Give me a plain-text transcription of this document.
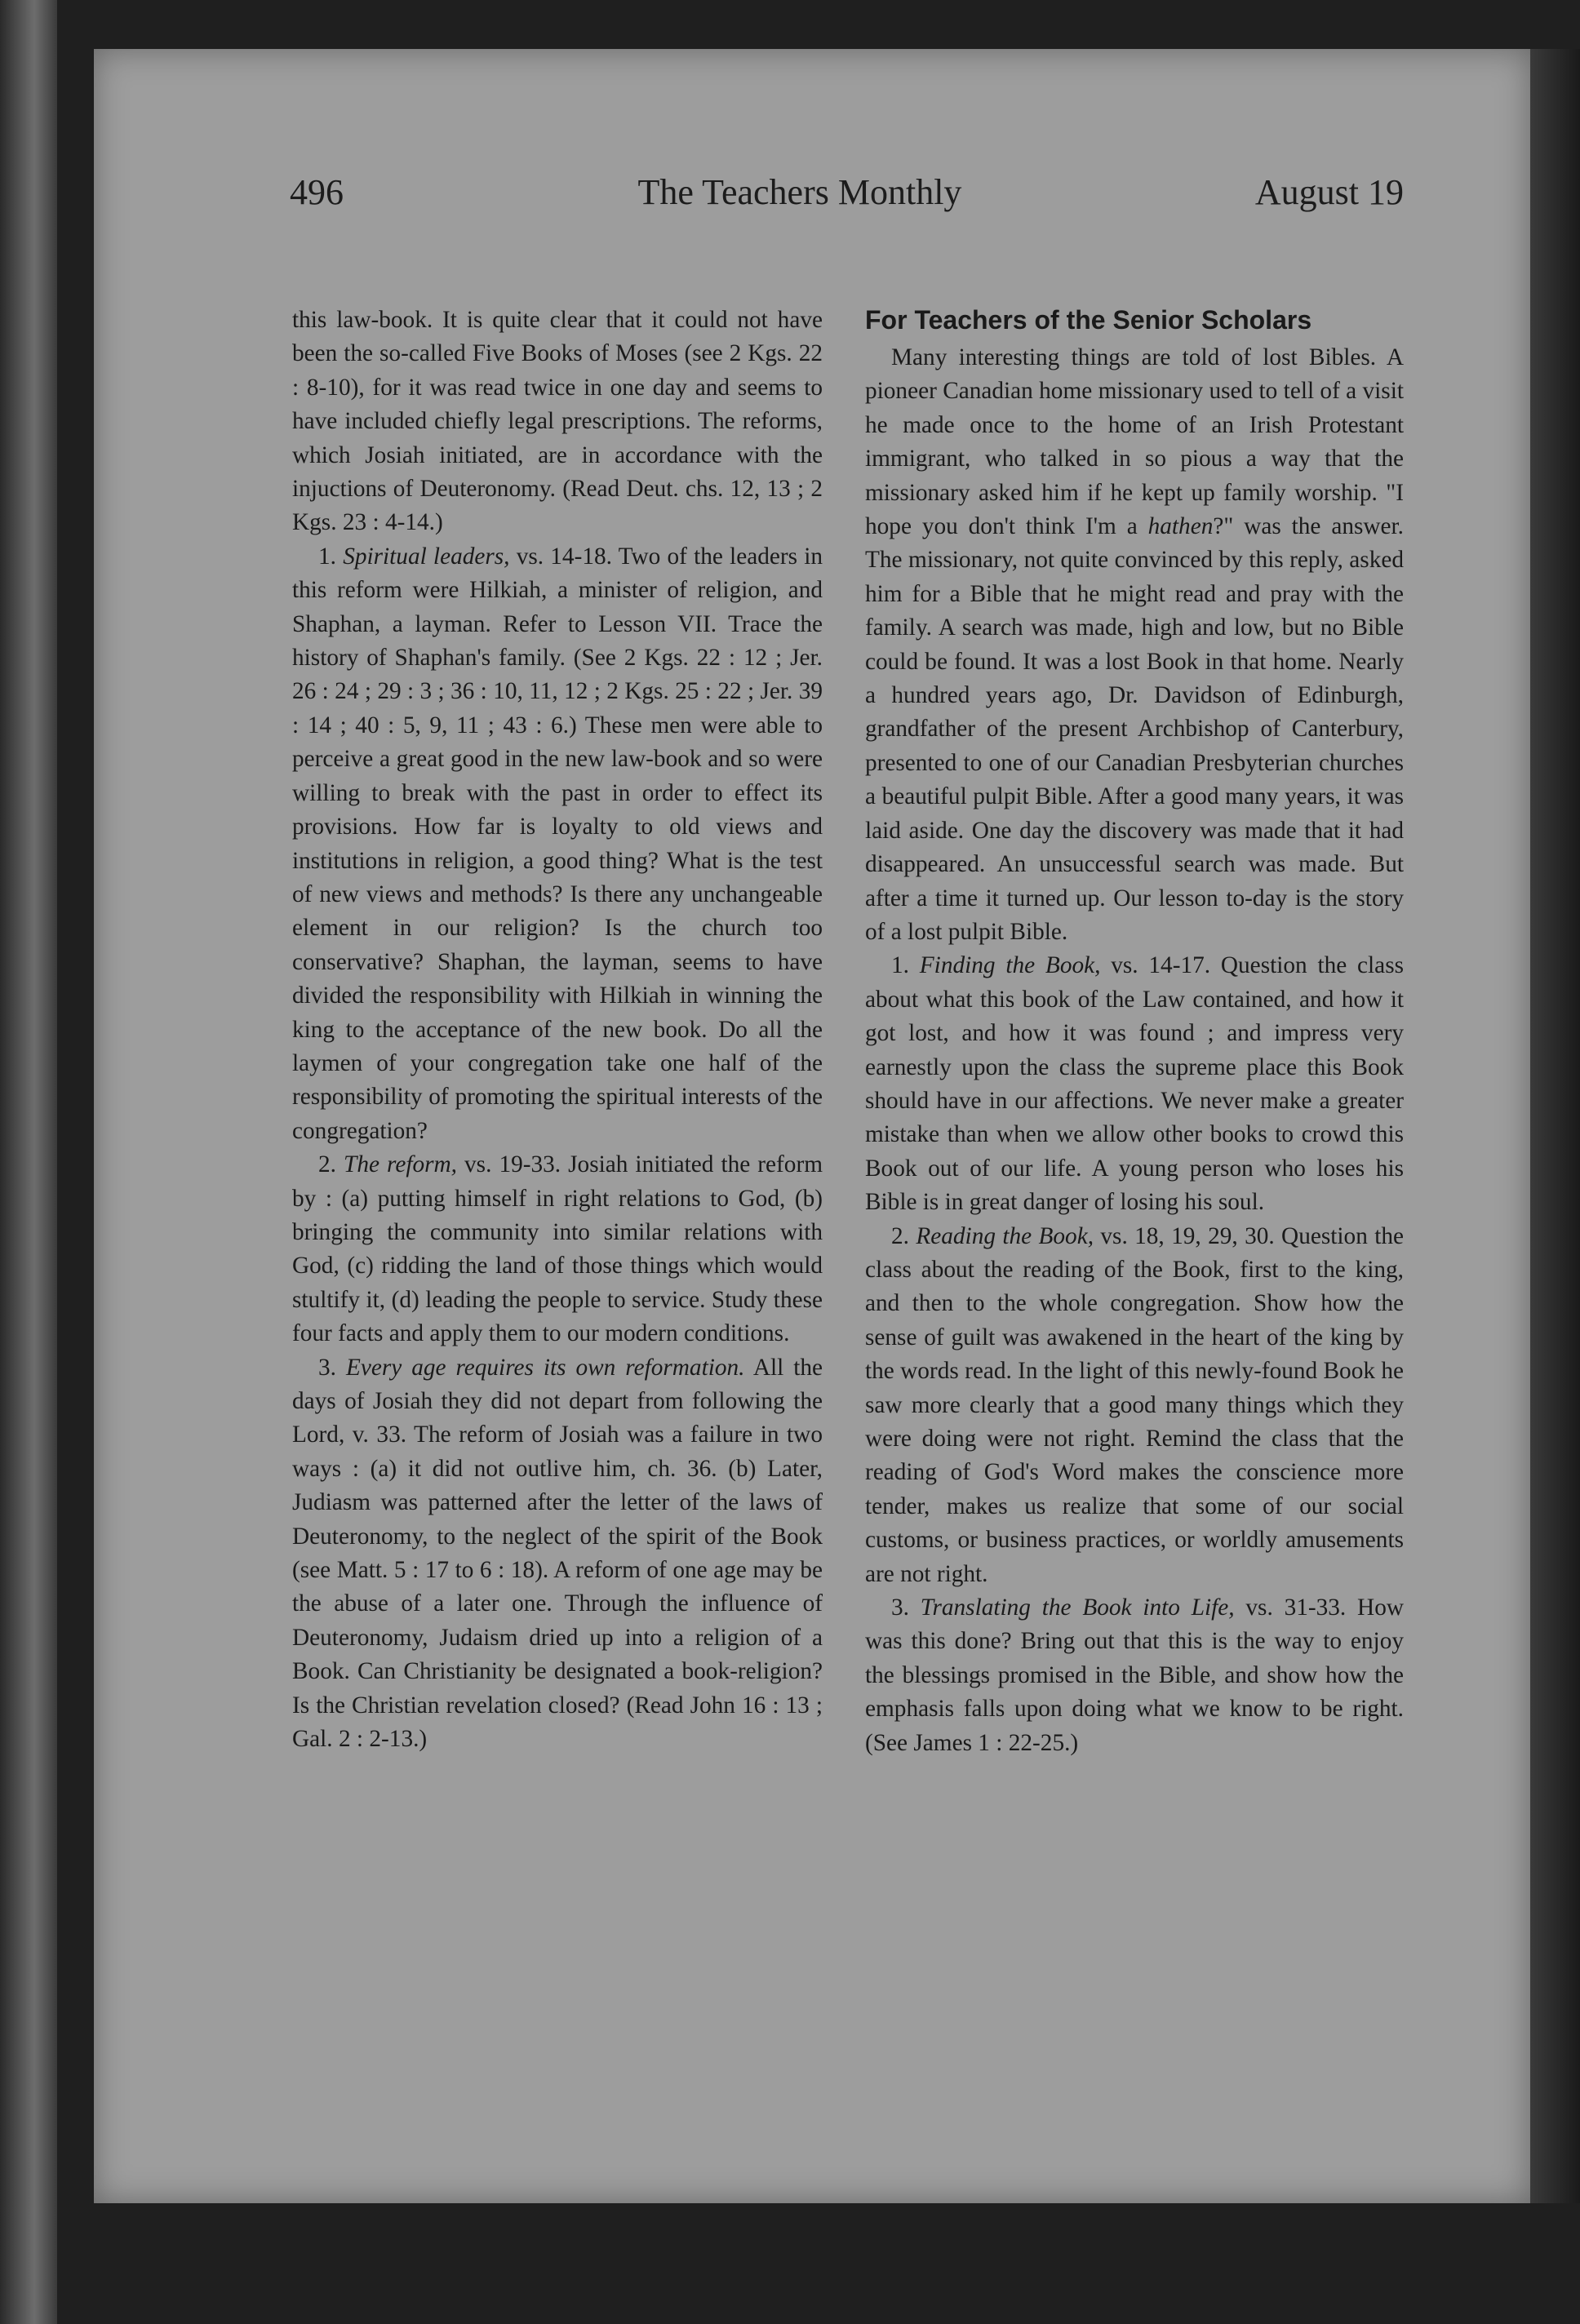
496	The Teachers Monthly	August 19

this law-book. It is quite clear that it could not have been the so-called Five Books of Moses (see 2 Kgs. 22 : 8-10), for it was read twice in one day and seems to have included chiefly legal prescriptions. The reforms, which Josiah initiated, are in accordance with the injuctions of Deuteronomy. (Read Deut. chs. 12, 13 ; 2 Kgs. 23 : 4-14.)

1. Spiritual leaders, vs. 14-18. Two of the leaders in this reform were Hilkiah, a minister of religion, and Shaphan, a layman. Refer to Lesson VII. Trace the history of Shaphan's family. (See 2 Kgs. 22 : 12 ; Jer. 26 : 24 ; 29 : 3 ; 36 : 10, 11, 12 ; 2 Kgs. 25 : 22 ; Jer. 39 : 14 ; 40 : 5, 9, 11 ; 43 : 6.) These men were able to perceive a great good in the new law-book and so were willing to break with the past in order to effect its provisions. How far is loyalty to old views and institutions in religion, a good thing? What is the test of new views and methods? Is there any unchangeable element in our religion? Is the church too conservative? Shaphan, the layman, seems to have divided the responsibility with Hilkiah in winning the king to the acceptance of the new book. Do all the laymen of your congregation take one half of the responsibility of promoting the spiritual interests of the congregation?

2. The reform, vs. 19-33. Josiah initiated the reform by : (a) putting himself in right relations to God, (b) bringing the community into similar relations with God, (c) ridding the land of those things which would stultify it, (d) leading the people to service. Study these four facts and apply them to our modern conditions.

3. Every age requires its own reformation. All the days of Josiah they did not depart from following the Lord, v. 33. The reform of Josiah was a failure in two ways : (a) it did not outlive him, ch. 36. (b) Later, Judiasm was patterned after the letter of the laws of Deuteronomy, to the neglect of the spirit of the Book (see Matt. 5 : 17 to 6 : 18). A reform of one age may be the abuse of a later one. Through the influence of Deuteronomy, Judaism dried up into a religion of a Book. Can Christianity be designated a book-religion? Is the Christian revelation closed? (Read John 16 : 13 ; Gal. 2 : 2-13.)

For Teachers of the Senior Scholars

Many interesting things are told of lost Bibles. A pioneer Canadian home missionary used to tell of a visit he made once to the home of an Irish Protestant immigrant, who talked in so pious a way that the missionary asked him if he kept up family worship. "I hope you don't think I'm a hathen?" was the answer. The missionary, not quite convinced by this reply, asked him for a Bible that he might read and pray with the family. A search was made, high and low, but no Bible could be found. It was a lost Book in that home. Nearly a hundred years ago, Dr. Davidson of Edinburgh, grandfather of the present Archbishop of Canterbury, presented to one of our Canadian Presbyterian churches a beautiful pulpit Bible. After a good many years, it was laid aside. One day the discovery was made that it had disappeared. An unsuccessful search was made. But after a time it turned up. Our lesson to-day is the story of a lost pulpit Bible.

1. Finding the Book, vs. 14-17. Question the class about what this book of the Law contained, and how it got lost, and how it was found ; and impress very earnestly upon the class the supreme place this Book should have in our affections. We never make a greater mistake than when we allow other books to crowd this Book out of our life. A young person who loses his Bible is in great danger of losing his soul.

2. Reading the Book, vs. 18, 19, 29, 30. Question the class about the reading of the Book, first to the king, and then to the whole congregation. Show how the sense of guilt was awakened in the heart of the king by the words read. In the light of this newly-found Book he saw more clearly that a good many things which they were doing were not right. Remind the class that the reading of God's Word makes the conscience more tender, makes us realize that some of our social customs, or business practices, or worldly amusements are not right.

3. Translating the Book into Life, vs. 31-33. How was this done? Bring out that this is the way to enjoy the blessings promised in the Bible, and show how the emphasis falls upon doing what we know to be right. (See James 1 : 22-25.)
